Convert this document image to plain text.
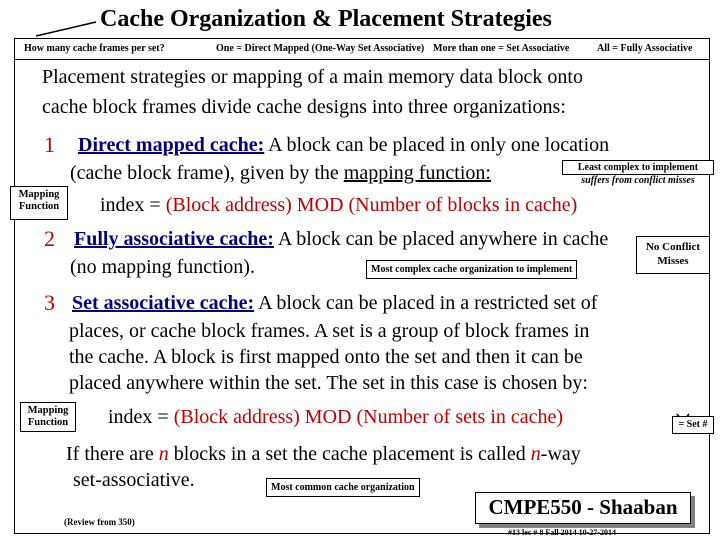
Cache Organization & Placement Strategies
How many cache frames per set?	One = Direct Mapped (One-Way Set Associative) More than one = Set Associative	All = Fully Associative
Placement strategies or mapping of a main memory data block onto
cache block frames divide cache designs into three organizations:
1 Direct mapped cache: A block can be placed in only one location
(cache block frame), given by the mapping function:
Mapping Function	index = (Block address) MOD (Number of blocks in cache)
Least complex to implement
suffers from conflict misses
2 Fully associative cache: A block can be placed anywhere in cache
(no mapping function).	Most complex cache organization to implement
No Conflict Misses
3 Set associative cache: A block can be placed in a restricted set of
places, or cache block frames. A set is a group of block frames in
the cache. A block is first mapped onto the set and then it can be
placed anywhere within the set. The set in this case is chosen by:
Mapping Function	index = (Block address) MOD (Number of sets in cache)	= Set #
If there are n blocks in a set the cache placement is called n-way
set-associative.	Most common cache organization
(Review from 350)
CMPE550 - Shaaban
#13 lec # 8 Fall 2014 10-27-2014
